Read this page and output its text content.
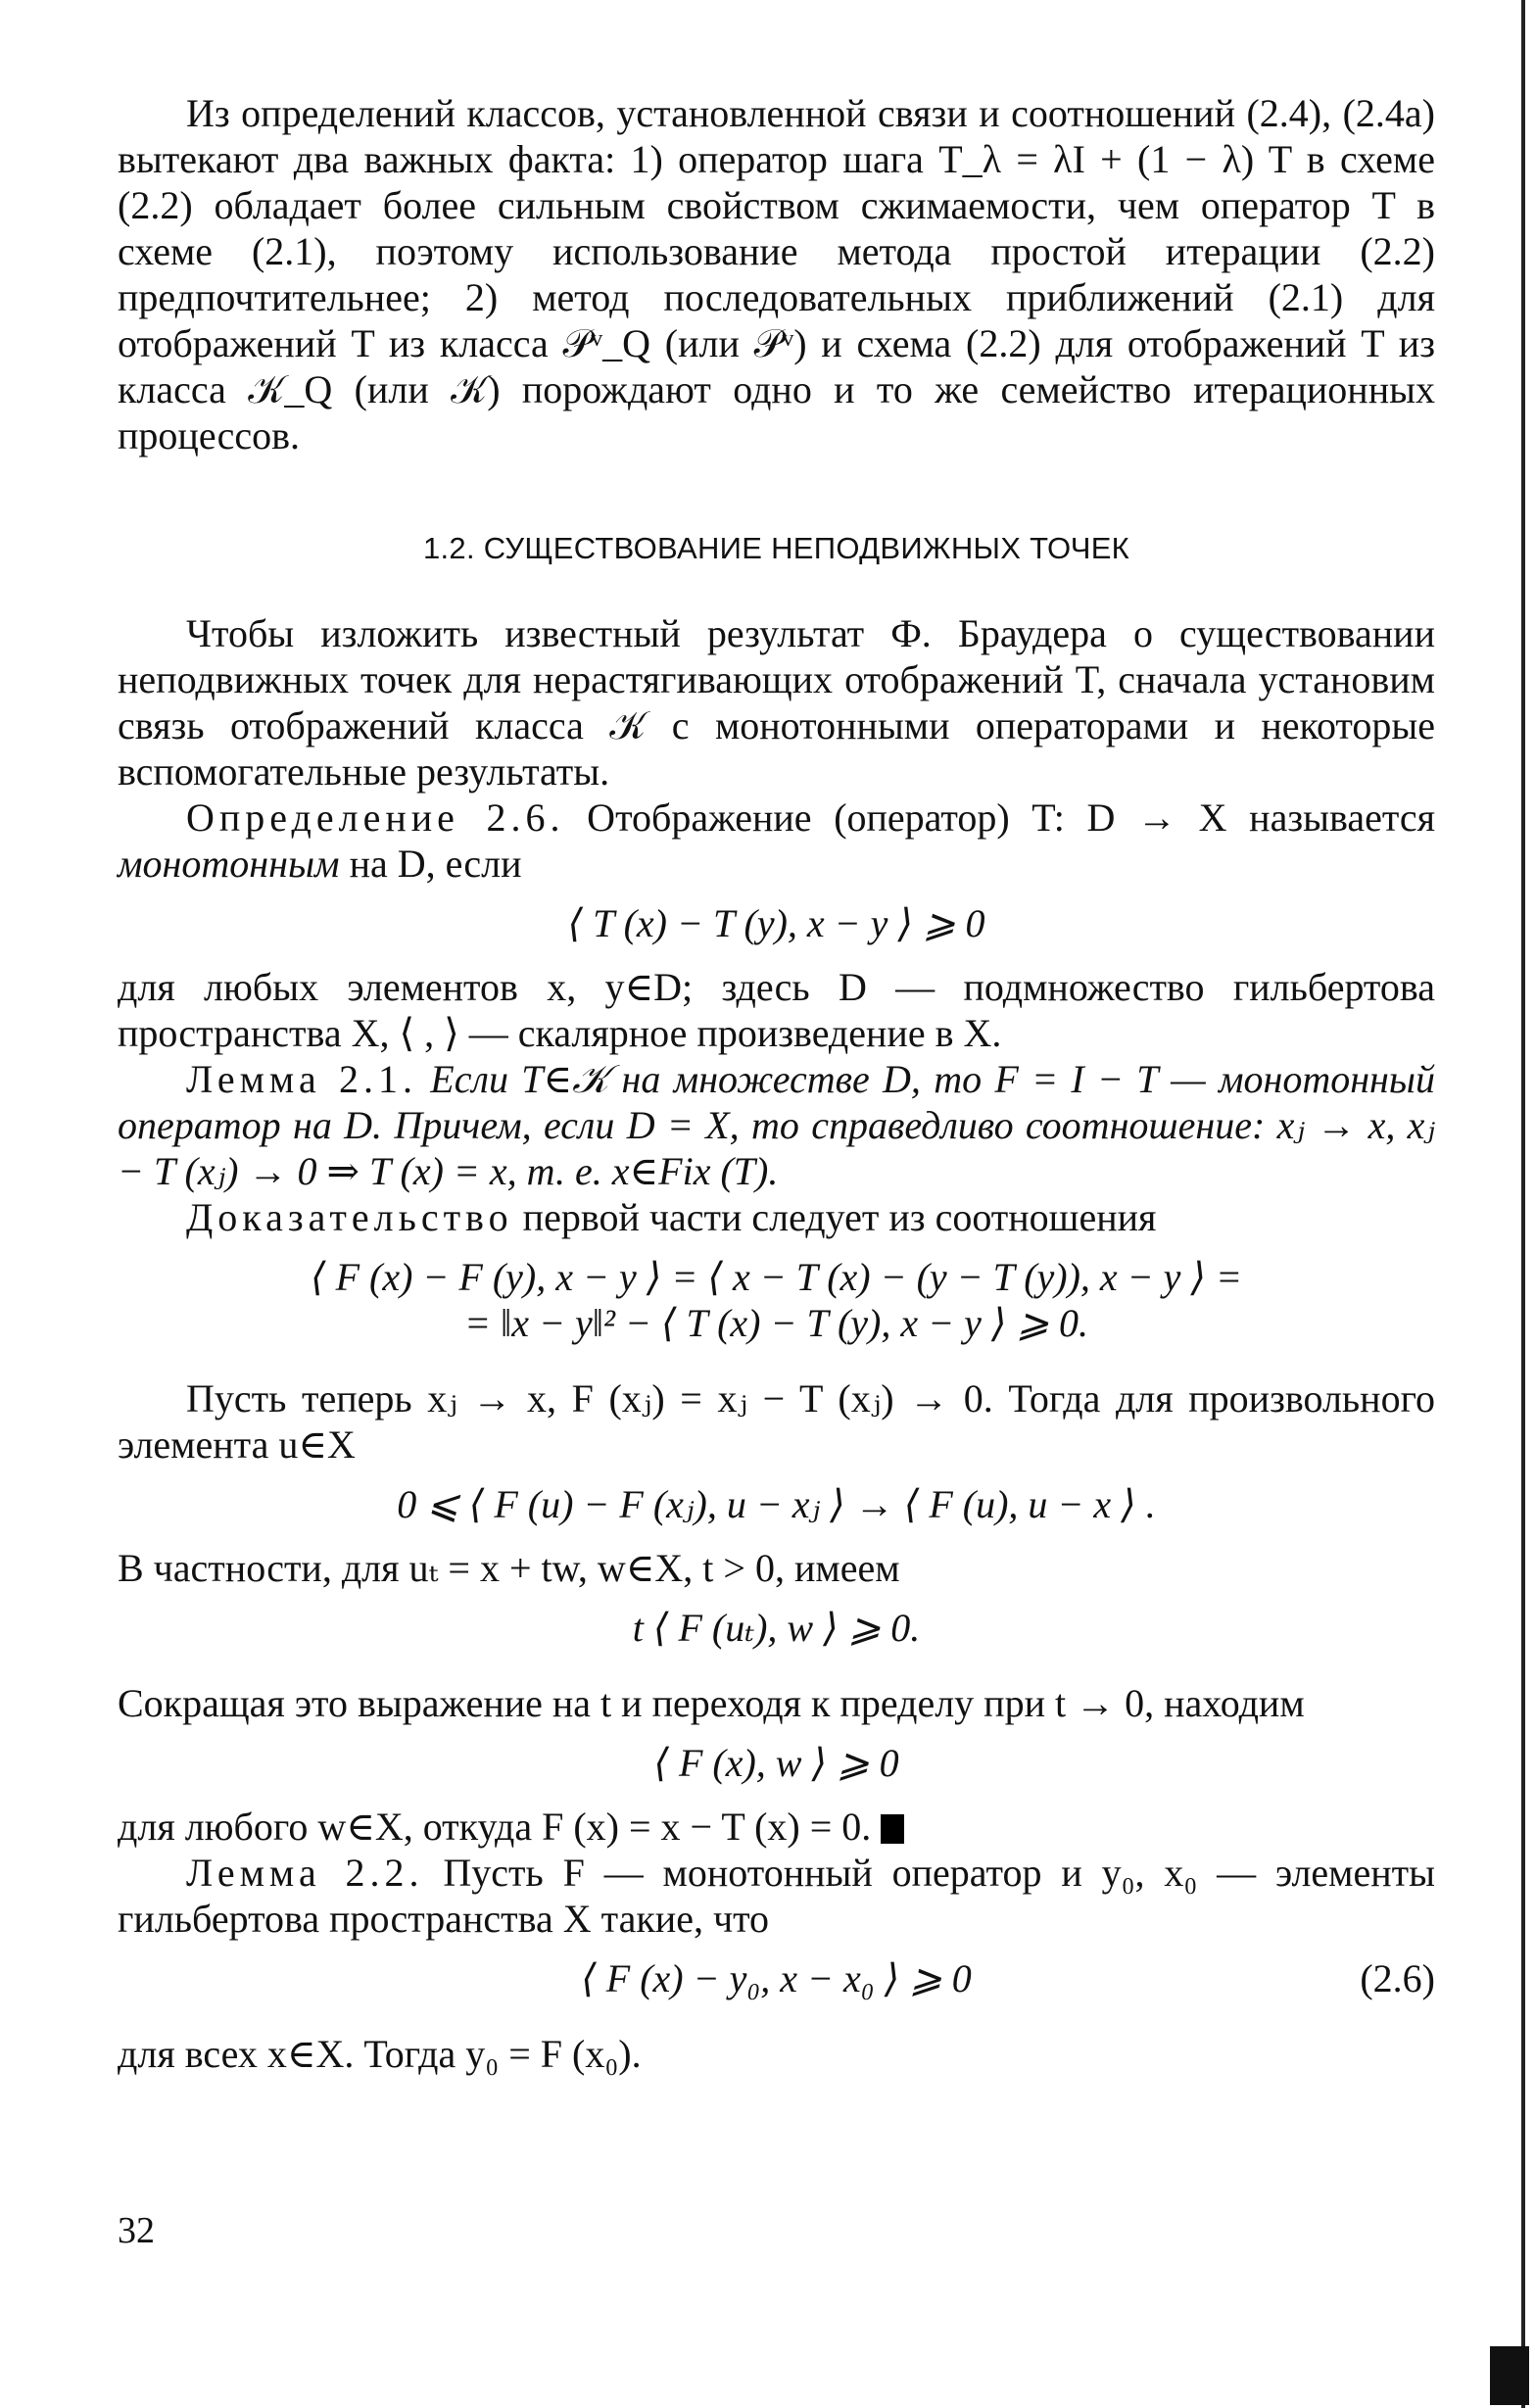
Из определений классов, установленной связи и соотношений (2.4), (2.4а) вытекают два важных факта: 1) оператор шага T_λ = λI + (1 − λ) T в схеме (2.2) обладает более сильным свойством сжимаемости, чем оператор T в схеме (2.1), поэтому использование метода простой итерации (2.2) предпочтительнее; 2) метод последовательных приближений (2.1) для отображений T из класса 𝒫ᵛ_Q (или 𝒫ᵛ) и схема (2.2) для отображений T из класса 𝒦_Q (или 𝒦) порождают одно и то же семейство итерационных процессов.

1.2. СУЩЕСТВОВАНИЕ НЕПОДВИЖНЫХ ТОЧЕК

Чтобы изложить известный результат Ф. Браудера о существовании неподвижных точек для нерастягивающих отображений T, сначала установим связь отображений класса 𝒦 с монотонными операторами и некоторые вспомогательные результаты.

Определение 2.6. Отображение (оператор) T: D → X называется монотонным на D, если

⟨ T (x) − T (y), x − y ⟩ ⩾ 0

для любых элементов x, y∈D; здесь D — подмножество гильбертова пространства X, ⟨ , ⟩ — скалярное произведение в X.

Лемма 2.1. Если T∈𝒦 на множестве D, то F = I − T — монотонный оператор на D. Причем, если D = X, то справедливо соотношение: xⱼ → x, xⱼ − T (xⱼ) → 0 ⇒ T (x) = x, т. е. x∈Fix (T).

Доказательство первой части следует из соотношения

⟨ F (x) − F (y), x − y ⟩ = ⟨ x − T (x) − (y − T (y)), x − y ⟩ =

= ‖x − y‖² − ⟨ T (x) − T (y), x − y ⟩ ⩾ 0.

Пусть теперь xⱼ → x, F (xⱼ) = xⱼ − T (xⱼ) → 0. Тогда для произвольного элемента u∈X

0 ⩽ ⟨ F (u) − F (xⱼ), u − xⱼ ⟩ → ⟨ F (u), u − x ⟩ .

В частности, для uₜ = x + tw, w∈X, t > 0, имеем

t ⟨ F (uₜ), w ⟩ ⩾ 0.

Сокращая это выражение на t и переходя к пределу при t → 0, находим

⟨ F (x), w ⟩ ⩾ 0

для любого w∈X, откуда F (x) = x − T (x) = 0.

Лемма 2.2. Пусть F — монотонный оператор и y₀, x₀ — элементы гильбертова пространства X такие, что

⟨ F (x) − y₀, x − x₀ ⟩ ⩾ 0	(2.6)

для всех x∈X. Тогда y₀ = F (x₀).

32
